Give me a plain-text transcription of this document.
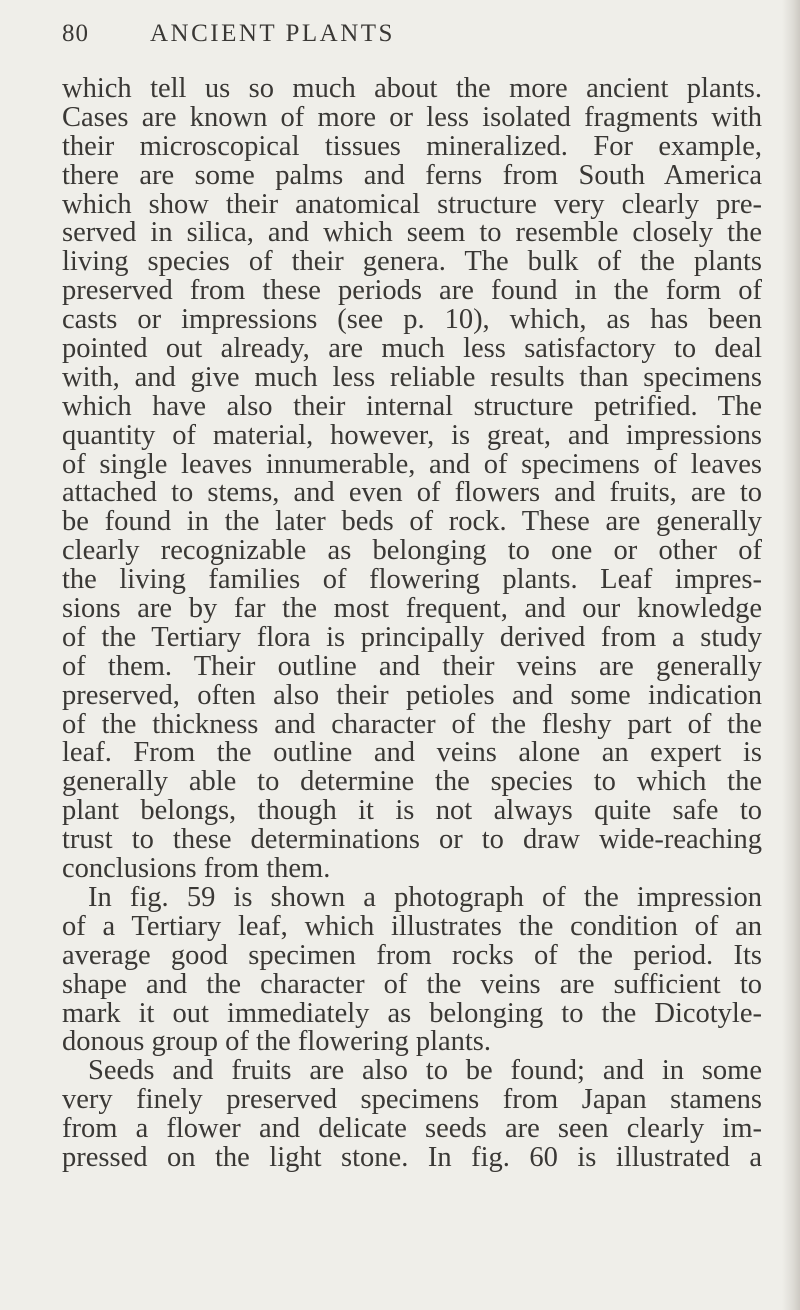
80 ANCIENT PLANTS
which tell us so much about the more ancient plants.
Cases are known of more or less isolated fragments with
their microscopical tissues mineralized. For example,
there are some palms and ferns from South America
which show their anatomical structure very clearly pre-
served in silica, and which seem to resemble closely the
living species of their genera. The bulk of the plants
preserved from these periods are found in the form of
casts or impressions (see p. 10), which, as has been
pointed out already, are much less satisfactory to deal
with, and give much less reliable results than specimens
which have also their internal structure petrified. The
quantity of material, however, is great, and impressions
of single leaves innumerable, and of specimens of leaves
attached to stems, and even of flowers and fruits, are to
be found in the later beds of rock. These are generally
clearly recognizable as belonging to one or other of
the living families of flowering plants. Leaf impres-
sions are by far the most frequent, and our knowledge
of the Tertiary flora is principally derived from a study
of them. Their outline and their veins are generally
preserved, often also their petioles and some indication
of the thickness and character of the fleshy part of the
leaf. From the outline and veins alone an expert is
generally able to determine the species to which the
plant belongs, though it is not always quite safe to
trust to these determinations or to draw wide-reaching
conclusions from them.
In fig. 59 is shown a photograph of the impression
of a Tertiary leaf, which illustrates the condition of an
average good specimen from rocks of the period. Its
shape and the character of the veins are sufficient to
mark it out immediately as belonging to the Dicotyle-
donous group of the flowering plants.
Seeds and fruits are also to be found; and in some
very finely preserved specimens from Japan stamens
from a flower and delicate seeds are seen clearly im-
pressed on the light stone. In fig. 60 is illustrated a
